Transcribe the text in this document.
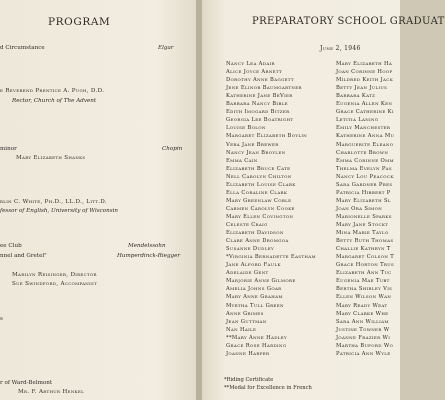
PROGRAM
d Circumstance	Elgar
e Reverend Prentice A. Pugh, D.D.
Rector, Church of The Advent
minor	Chopin
Mary Elizabeth Shanks
rlin C. White, Ph.D., LL.D., Litt.D.
fessor of English, University of Wisconsin
ee Club	Mendelssohn
nnel and Gretel"	Humperdinck-Riegger
Marilyn Reisinger, Director
Sue Swindford, Accompanist
s
r of Ward-Belmont
Mr. F. Arthur Henkel
PREPARATORY SCHOOL GRADUAT
June 2, 1946
Nancy Lea Adair
Alice Joyce Arnett
Dorothy Anne Baggett
Jene Elinor Baumgartner
Katherine Jane BeVier
Barbara Nancy Bible
Edith Imogard Bitzer
Georgia Lee Boatright
Louise Bolon
Margaret Elizabeth Boylin
Vera Jane Brewer
Nancy Jean Broylen
Emma Cain
Elizabeth Bruce Cate
Nell Carolyn Chilton
Elizabeth Louise Clark
Ella Coraline Clark
Mary Greenlaw Coble
Carmen Carolyn Cooke
Mary Ellen Covington
Celeste Craig
Elizabeth Davidson
Clare Anne Dromgoa
Susanne Dudley
*Virginia Bernadette Eastham
Jane Alford Faulk
Adelaide Gent
Marjorie Anne Gilmore
Amelia Johns Goar
Mary Anne Graham
Myrtha Tull Green
Anne Grimes
Jean Guttman
Nan Haile
**Mary Anne Hadley
Grace Rose Harding
Joanne Harper
Mary Elizabeth Ha
Joan Corinne Hoop
Mildred Keith Jack
Betty Jean Julius
Barbara Katz
Eugenia Allen Ken
Grace Catherine Ki
Letitia Laning
Emily Manchester
Katherine Anna Mu
Marguerite Eleano
Charlotte Brown
Emma Corinne Omm
Thelma Evelyn Pas
Nancy Lou Peacock
Sara Gardner Pres
Patricia Hibbert P
Mary Elizabeth Sl
Joan Ora Simon
Marionelle Sparks
Mary Jane Stockt
Mina Marie Taylo
Betty Ruth Thomas
Challie Kathryn T
Margaret Colson T
Grace Horton Trus
Elizabeth Ann Tuc
Eugenia Mae Tubt
Bertha Shirley Vis
Ellen Wilson Wan
Mary Ready Weat
Mary Clarke Whe
Sara Ann William
Justine Towner W
Joanne Frazier Wi
Martha Buford Wo
Patricia Ann Wyle
*Riding Certificate
**Medal for Excellence in French
